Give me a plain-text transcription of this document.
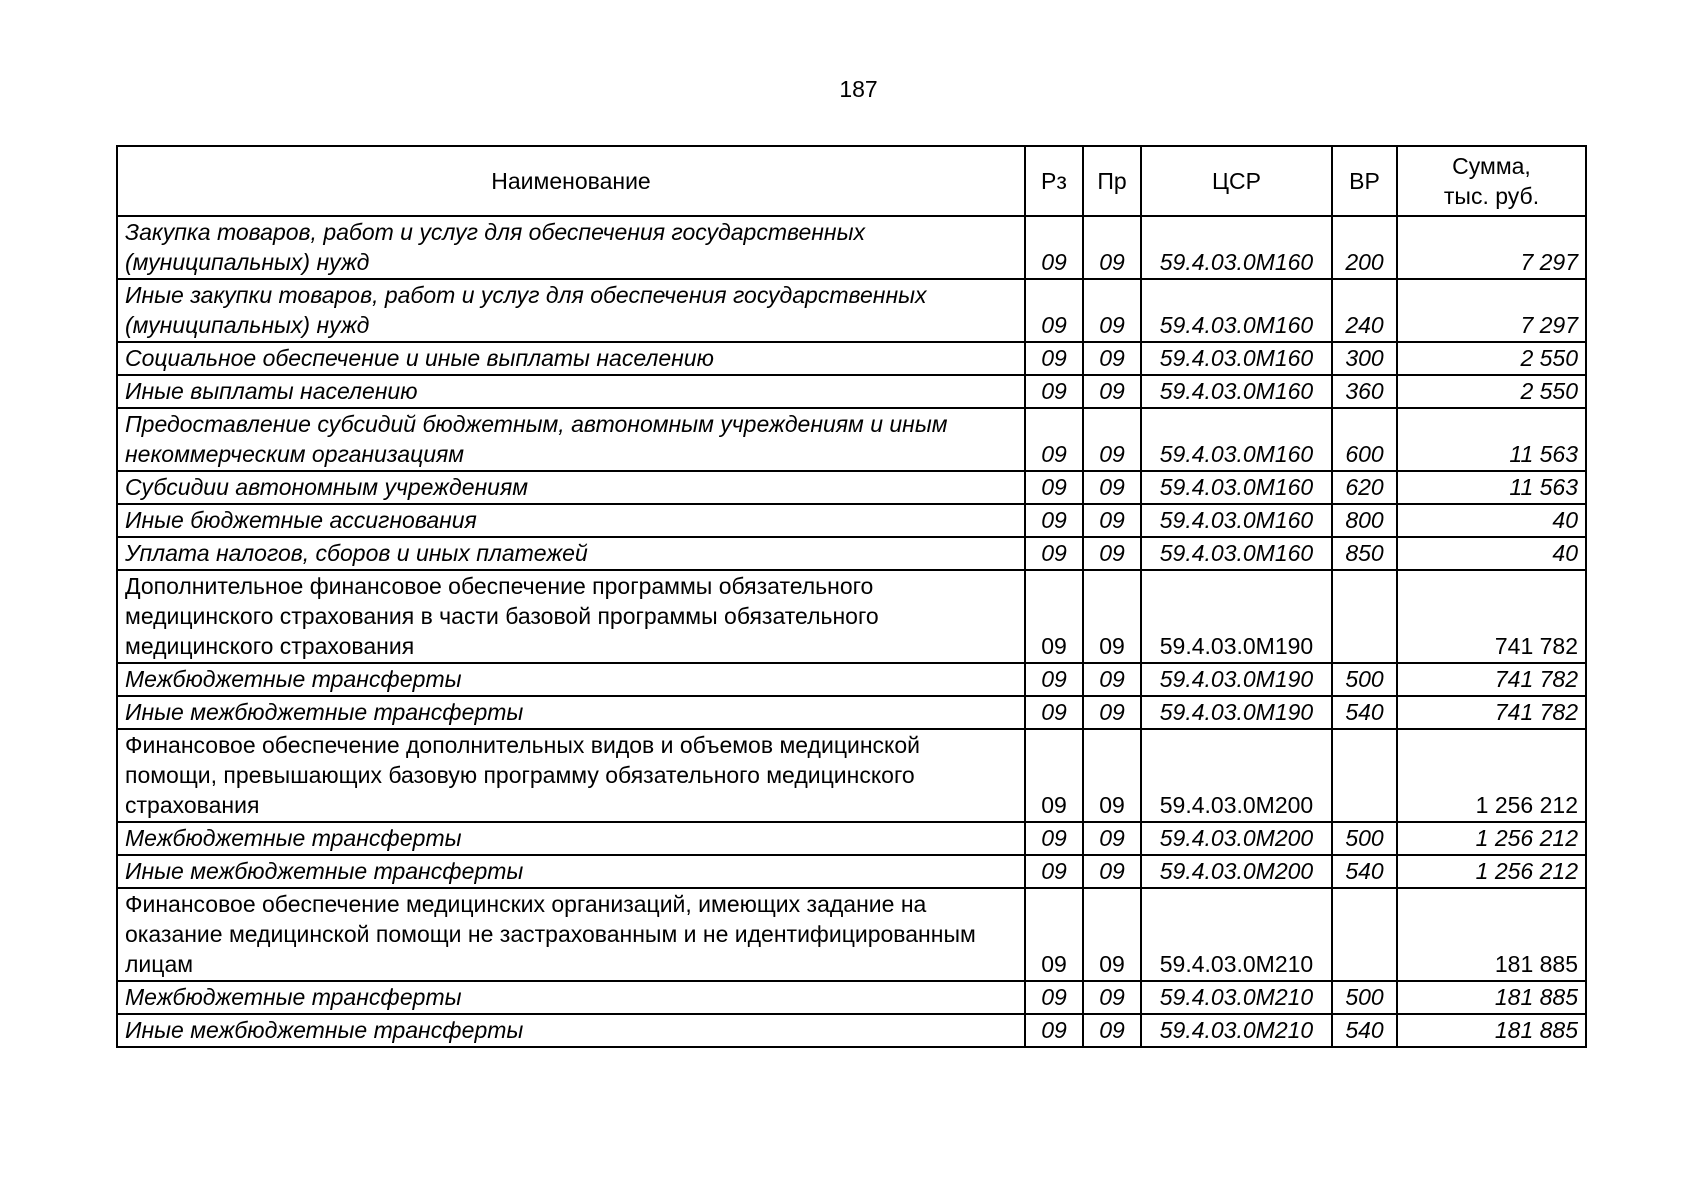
187
Наименование	Рз	Пр	ЦСР	ВР	Сумма,
тыс. руб.

Закупка товаров, работ и услуг для обеспечения государственных (муниципальных) нужд	09	09	59.4.03.0М160	200	7 297
Иные закупки товаров, работ и услуг для обеспечения государственных (муниципальных) нужд	09	09	59.4.03.0М160	240	7 297
Социальное обеспечение и иные выплаты населению	09	09	59.4.03.0М160	300	2 550
Иные выплаты населению	09	09	59.4.03.0М160	360	2 550
Предоставление субсидий бюджетным, автономным учреждениям и иным некоммерческим организациям	09	09	59.4.03.0М160	600	11 563
Субсидии автономным учреждениям	09	09	59.4.03.0М160	620	11 563
Иные бюджетные ассигнования	09	09	59.4.03.0М160	800	40
Уплата налогов, сборов и иных платежей	09	09	59.4.03.0М160	850	40
Дополнительное финансовое обеспечение программы обязательного медицинского страхования в части базовой программы обязательного медицинского страхования	09	09	59.4.03.0М190		741 782
Межбюджетные трансферты	09	09	59.4.03.0М190	500	741 782
Иные межбюджетные трансферты	09	09	59.4.03.0М190	540	741 782
Финансовое обеспечение дополнительных видов и объемов медицинской помощи, превышающих базовую программу обязательного медицинского страхования	09	09	59.4.03.0М200		1 256 212
Межбюджетные трансферты	09	09	59.4.03.0М200	500	1 256 212
Иные межбюджетные трансферты	09	09	59.4.03.0М200	540	1 256 212
Финансовое обеспечение медицинских организаций, имеющих задание на оказание медицинской помощи не застрахованным и не идентифицированным лицам	09	09	59.4.03.0М210		181 885
Межбюджетные трансферты	09	09	59.4.03.0М210	500	181 885
Иные межбюджетные трансферты	09	09	59.4.03.0М210	540	181 885
